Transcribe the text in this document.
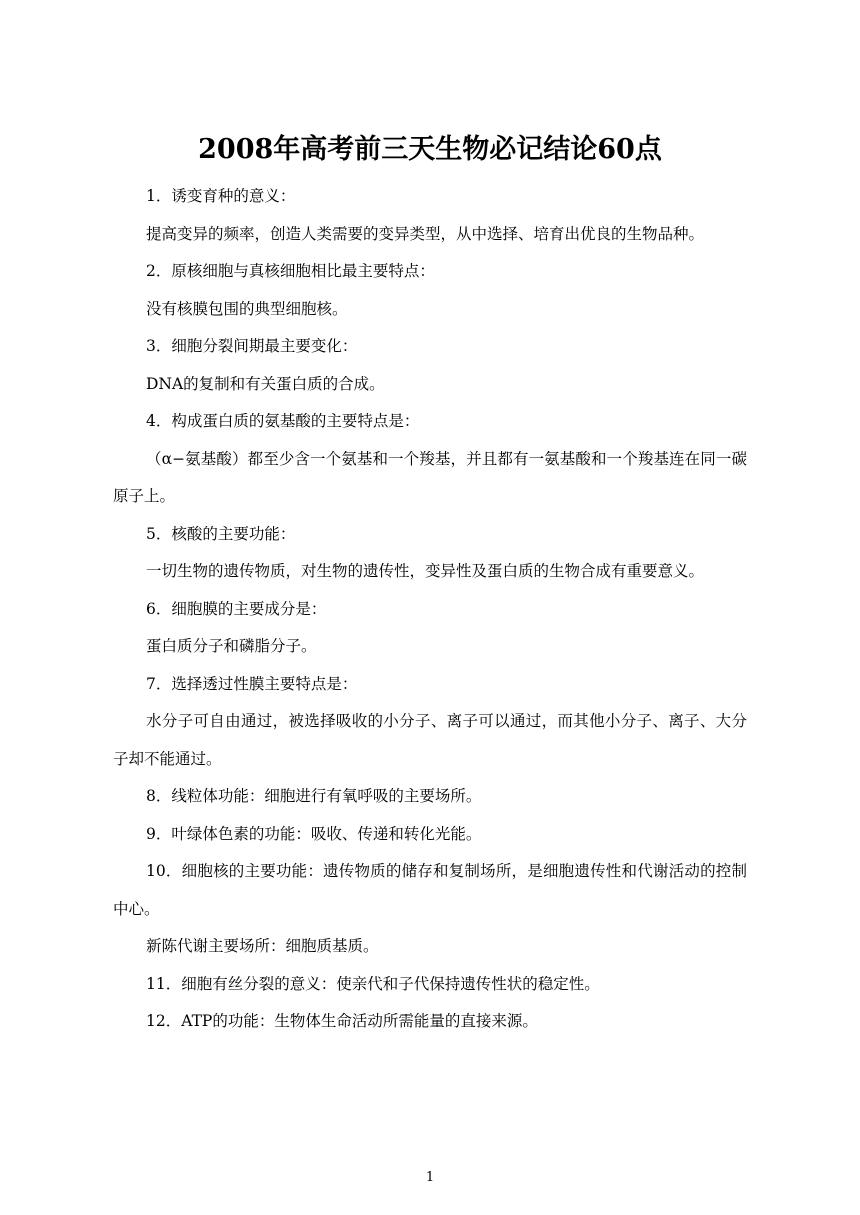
2008年高考前三天生物必记结论60点
1．诱变育种的意义：
提高变异的频率，创造人类需要的变异类型，从中选择、培育出优良的生物品种。
2．原核细胞与真核细胞相比最主要特点：
没有核膜包围的典型细胞核。
3．细胞分裂间期最主要变化：
DNA的复制和有关蛋白质的合成。
4．构成蛋白质的氨基酸的主要特点是：
（α−氨基酸）都至少含一个氨基和一个羧基，并且都有一氨基酸和一个羧基连在同一碳原子上。
5．核酸的主要功能：
一切生物的遗传物质，对生物的遗传性，变异性及蛋白质的生物合成有重要意义。
6．细胞膜的主要成分是：
蛋白质分子和磷脂分子。
7．选择透过性膜主要特点是：
水分子可自由通过，被选择吸收的小分子、离子可以通过，而其他小分子、离子、大分子却不能通过。
8．线粒体功能：细胞进行有氧呼吸的主要场所。
9．叶绿体色素的功能：吸收、传递和转化光能。
10．细胞核的主要功能：遗传物质的储存和复制场所，是细胞遗传性和代谢活动的控制中心。
新陈代谢主要场所：细胞质基质。
11．细胞有丝分裂的意义：使亲代和子代保持遗传性状的稳定性。
12．ATP的功能：生物体生命活动所需能量的直接来源。
1
